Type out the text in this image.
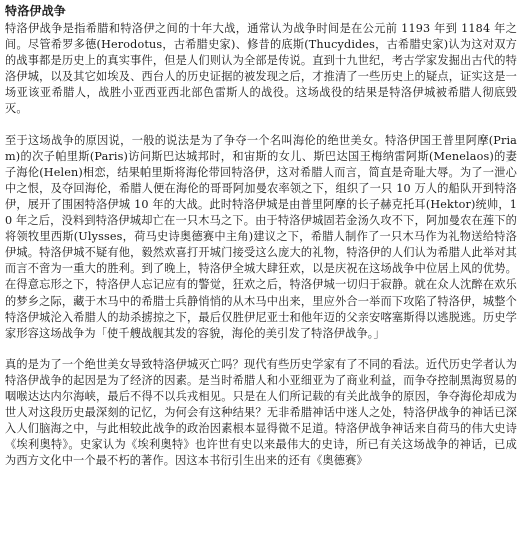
特洛伊战争

特洛伊战争是指希腊和特洛伊之间的十年大战，通常认为战争时间是在公元前 1193 年到 1184 年之间。尽管希罗多德(Herodotus，古希腊史家)、修昔的底斯(Thucydides，古希腊史家)认为这对双方的战事都是历史上的真实事件，但是人们则认为全部是传说。直到十九世纪，考古学家发掘出古代的特洛伊城，以及其它如埃及、西台人的历史证据的被发现之后，才推清了一些历史上的疑点，证实这是一场亚该亚希腊人，战胜小亚西亚西北部色雷斯人的战役。这场战役的结果是特洛伊城被希腊人彻底毁灭。

至于这场战争的原因说，一般的说法是为了争夺一个名叫海伦的绝世美女。特洛伊国王普里阿摩(Priam)的次子帕里斯(Paris)访问斯巴达城邦时，和宙斯的女儿、斯巴达国王梅纳雷阿斯(Menelaos)的妻子海伦(Helen)相恋，结果帕里斯将海伦带回特洛伊，这对希腊人而言，简直是奇耻大辱。为了一泄心中之恨，及夺回海伦，希腊人便在海伦的哥哥阿加曼农率领之下，组织了一只 10 万人的船队开到特洛伊，展开了围困特洛伊城 10 年的大战。此时特洛伊城是由普里阿摩的长子赫克托耳(Hektor)统帅，10 年之后，没料到特洛伊城却亡在一只木马之下。由于特洛伊城固若金汤久攻不下，阿加曼农在莲下的将领牧里西斯(Ulysses，荷马史诗奥德赛中主角)建议之下，希腊人制作了一只木马作为礼物送给特洛伊城。特洛伊城不疑有他，毅然欢喜打开城门接受这么庞大的礼物，特洛伊的人们认为希腊人此举对其而言不啻为一重大的胜利。到了晚上，特洛伊全城大肆狂欢，以是庆祝在这场战争中位居上风的优势。在得意忘形之下，特洛伊人忘记应有的警觉，狂欢之后，特洛伊城一切归于寂静。就在众人沈醉在欢乐的梦乡之际，藏于木马中的希腊士兵静悄悄的从木马中出来，里应外合一举而下攻陷了特洛伊，城整个特洛伊城沦入希腊人的劫杀掳掠之下，最后仅胜伊尼亚士和他年迈的父亲安喀塞斯得以逃脱逃。历史学家形容这场战争为「使千艘战舰其发的容貌，海伦的美引发了特洛伊战争。」

真的是为了一个绝世美女导致特洛伊城灭亡吗？现代有些历史学家有了不同的看法。近代历史学者认为特洛伊战争的起因是为了经济的因素。是当时希腊人和小亚细亚为了商业利益，而争夺控制黑海贸易的咽喉达达内尔海峡，最后不得不以兵戎相见。只是在人们所记载的有关此战争的原因，争夺海伦却成为世人对这段历史最深刻的记忆，为何会有这种结果？无非希腊神话中迷人之处，特洛伊战争的神话已深入人们脑海之中，与此相较此战争的政治因素根本显得微不足道。特洛伊战争神话来自荷马的伟大史诗《埃利奥特》。史家认为《埃利奥特》也许世有史以来最伟大的史诗，所已有关这场战争的神话，已成为西方文化中一个最不朽的著作。因这本书衍引生出来的还有《奥德赛》
